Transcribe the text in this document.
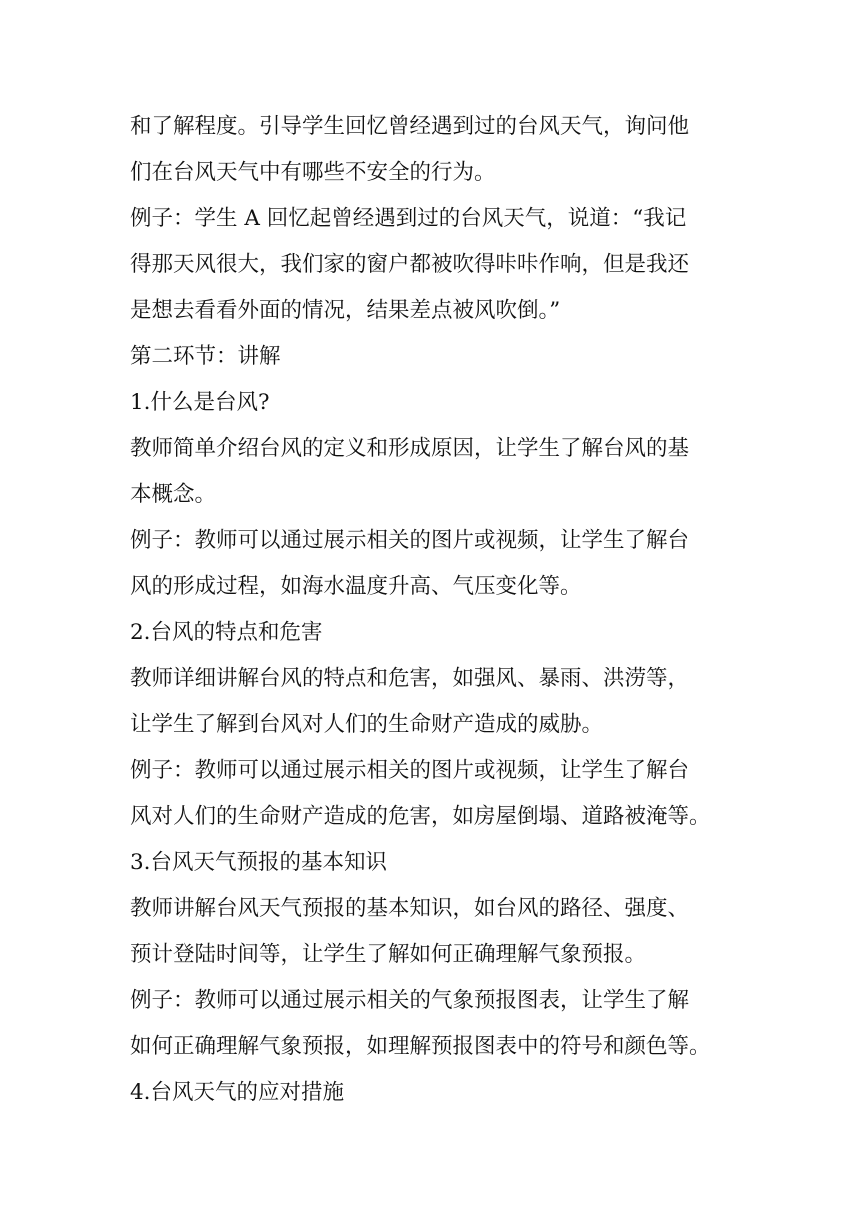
和了解程度。引导学生回忆曾经遇到过的台风天气，询问他
们在台风天气中有哪些不安全的行为。
例子：学生 A 回忆起曾经遇到过的台风天气，说道：“我记
得那天风很大，我们家的窗户都被吹得咔咔作响，但是我还
是想去看看外面的情况，结果差点被风吹倒。”
第二环节：讲解
1.什么是台风?
教师简单介绍台风的定义和形成原因，让学生了解台风的基
本概念。
例子：教师可以通过展示相关的图片或视频，让学生了解台
风的形成过程，如海水温度升高、气压变化等。
2.台风的特点和危害
教师详细讲解台风的特点和危害，如强风、暴雨、洪涝等，
让学生了解到台风对人们的生命财产造成的威胁。
例子：教师可以通过展示相关的图片或视频，让学生了解台
风对人们的生命财产造成的危害，如房屋倒塌、道路被淹等。
3.台风天气预报的基本知识
教师讲解台风天气预报的基本知识，如台风的路径、强度、
预计登陆时间等，让学生了解如何正确理解气象预报。
例子：教师可以通过展示相关的气象预报图表，让学生了解
如何正确理解气象预报，如理解预报图表中的符号和颜色等。
4.台风天气的应对措施
